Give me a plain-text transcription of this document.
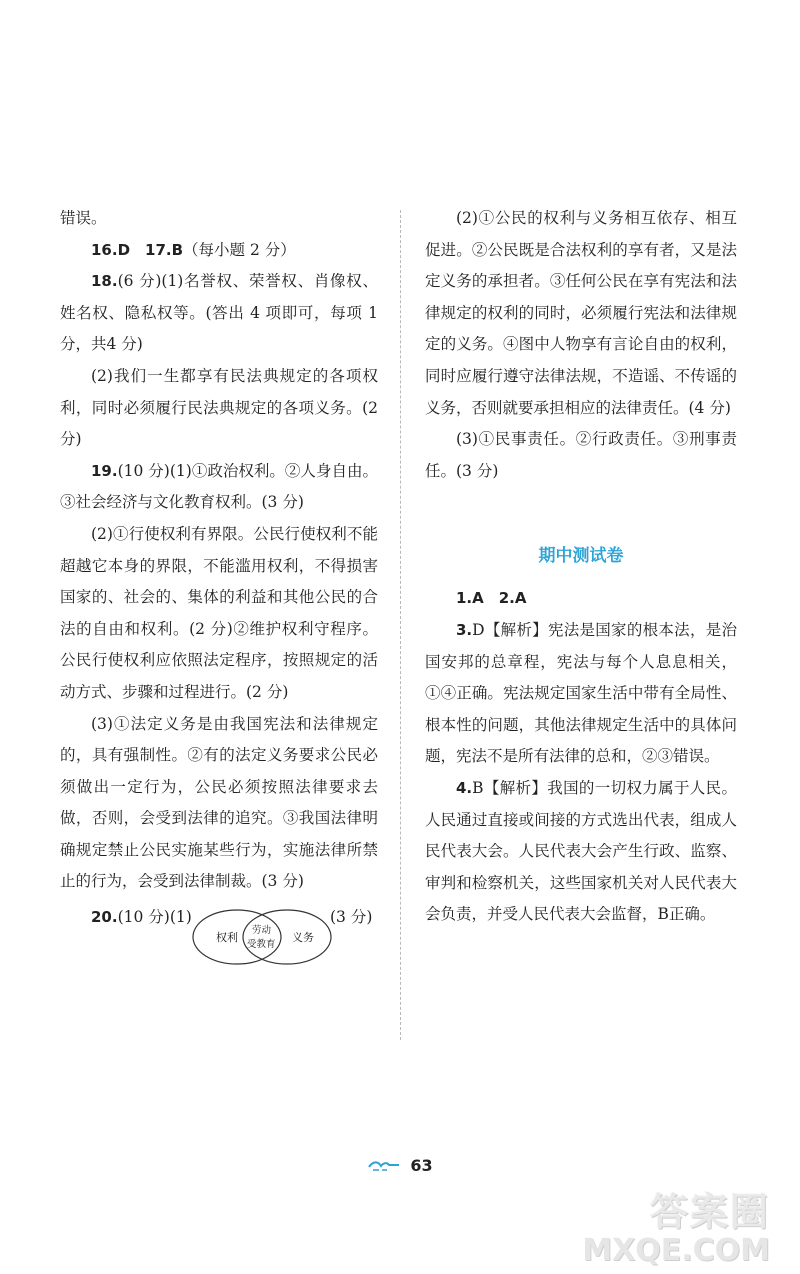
错误。

16.D　17.B（每小题 2 分）

18.(6 分)(1)名誉权、荣誉权、肖像权、姓名权、隐私权等。(答出 4 项即可，每项 1 分，共4 分)

(2)我们一生都享有民法典规定的各项权利，同时必须履行民法典规定的各项义务。(2 分)

19.(10 分)(1)①政治权利。②人身自由。③社会经济与文化教育权利。(3 分)

(2)①行使权利有界限。公民行使权利不能超越它本身的界限，不能滥用权利，不得损害国家的、社会的、集体的利益和其他公民的合法的自由和权利。(2 分)②维护权利守程序。公民行使权利应依照法定程序，按照规定的活动方式、步骤和过程进行。(2 分)

(3)①法定义务是由我国宪法和法律规定的，具有强制性。②有的法定义务要求公民必须做出一定行为，公民必须按照法律要求去做，否则，会受到法律的追究。③我国法律明确规定禁止公民实施某些行为，实施法律所禁止的行为，会受到法律制裁。(3 分)

20.(10 分)(1)	(3 分)

权利
劳动
受教育
义务

(2)①公民的权利与义务相互依存、相互促进。②公民既是合法权利的享有者，又是法定义务的承担者。③任何公民在享有宪法和法律规定的权利的同时，必须履行宪法和法律规定的义务。④图中人物享有言论自由的权利，同时应履行遵守法律法规，不造谣、不传谣的义务，否则就要承担相应的法律责任。(4 分)

(3)①民事责任。②行政责任。③刑事责任。(3 分)

期中测试卷

1.A　2.A

3.D【解析】宪法是国家的根本法，是治国安邦的总章程，宪法与每个人息息相关，①④正确。宪法规定国家生活中带有全局性、根本性的问题，其他法律规定生活中的具体问题，宪法不是所有法律的总和，②③错误。

4.B【解析】我国的一切权力属于人民。人民通过直接或间接的方式选出代表，组成人民代表大会。人民代表大会产生行政、监察、审判和检察机关，这些国家机关对人民代表大会负责，并受人民代表大会监督，B正确。

63
答案圈
MXQE.COM
